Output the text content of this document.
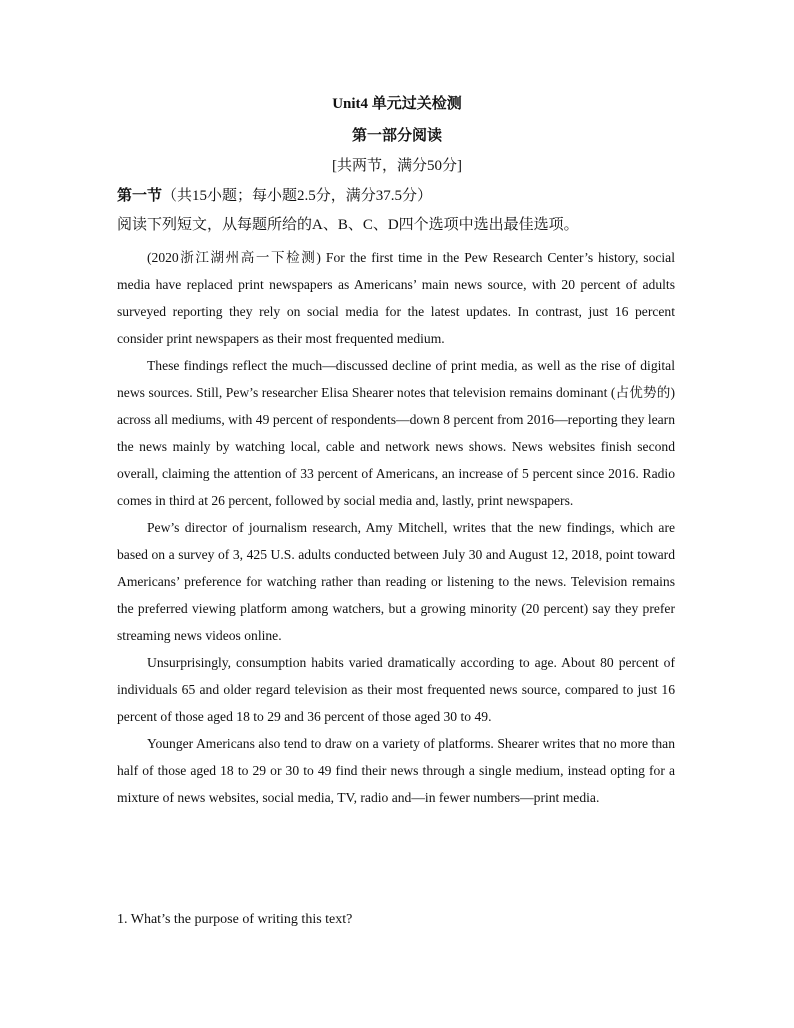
Unit4 单元过关检测
第一部分阅读
[共两节，满分50分]
第一节（共15小题；每小题2.5分，满分37.5分）
阅读下列短文，从每题所给的A、B、C、D四个选项中选出最佳选项。

(2020浙江湖州高一下检测) For the first time in the Pew Research Center’s history, social media have replaced print newspapers as Americans’ main news source, with 20 percent of adults surveyed reporting they rely on social media for the latest updates. In contrast, just 16 percent consider print newspapers as their most frequented medium.

These findings reflect the much—discussed decline of print media, as well as the rise of digital news sources. Still, Pew’s researcher Elisa Shearer notes that television remains dominant (占优势的) across all mediums, with 49 percent of respondents—down 8 percent from 2016—reporting they learn the news mainly by watching local, cable and network news shows. News websites finish second overall, claiming the attention of 33 percent of Americans, an increase of 5 percent since 2016. Radio comes in third at 26 percent, followed by social media and, lastly, print newspapers.

Pew’s director of journalism research, Amy Mitchell, writes that the new findings, which are based on a survey of 3, 425 U.S. adults conducted between July 30 and August 12, 2018, point toward Americans’ preference for watching rather than reading or listening to the news. Television remains the preferred viewing platform among watchers, but a growing minority (20 percent) say they prefer streaming news videos online.

Unsurprisingly, consumption habits varied dramatically according to age. About 80 percent of individuals 65 and older regard television as their most frequented news source, compared to just 16 percent of those aged 18 to 29 and 36 percent of those aged 30 to 49.

Younger Americans also tend to draw on a variety of platforms. Shearer writes that no more than half of those aged 18 to 29 or 30 to 49 find their news through a single medium, instead opting for a mixture of news websites, social media, TV, radio and—in fewer numbers—print media.

1. What’s the purpose of writing this text?
